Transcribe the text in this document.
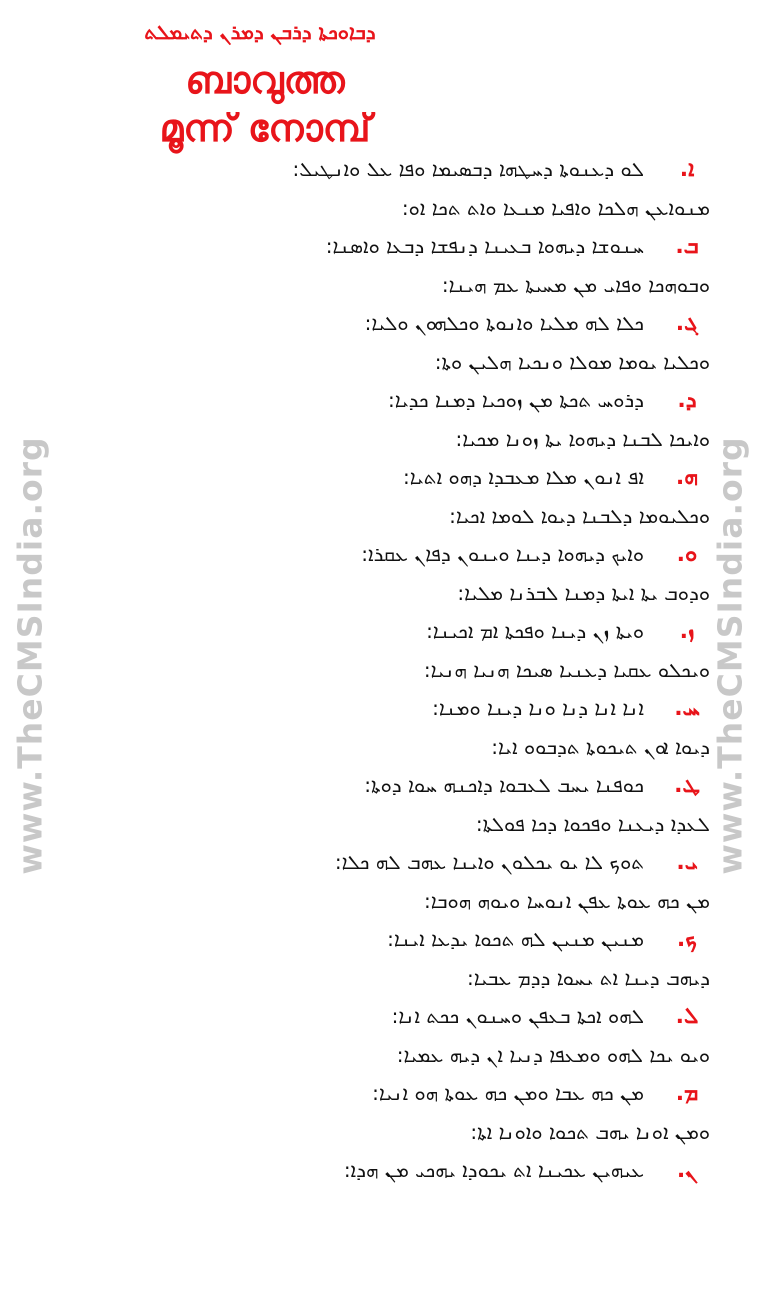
www.TheCMSIndia.org	www.TheCMSIndia.org
ܕܒܐܘܟܬܐ ܕܪܒܢ ܕܡܪܢ ܕܬܝܡܠܬ
ബാവുത്ത
മൂന്ന് നോമ്പ്
ܐ.ܠܘ ܕܥܢܘܬܐ ܕܚܛܗܐ ܕܒܣܝܡܐ ܘܦܐ ܥܠ ܘܐܢܛܝܠ:
ܡܢܘܐܥܢ ܗܠܟܐ ܘܐܦܝܐ ܡܢܥܐ ܘܐܬ ܬܟܐ ܐܘ:
ܒ.ܚܢܘܫܐ ܕܝܗܘܐ ܒܥܝܢܐ ܕܢܦܫܐ ܕܒܥܐ ܘܐܣܢܐ:
ܘܒܘܗܟܐ ܘܦܐܝ ܡܢ ܡܚܝܬܐ ܥܡ ܗܝܢܐ:
ܓ.ܟܠܐ ܠܗ ܡܠܝܐ ܘܐܢܘܬܐ ܘܟܠܗܘܢ ܘܠܝܐ:
ܘܟܠܝܐ ܝܘܡܐ ܡܘܠܐ ܘܢܟܝܐ ܗܠܝܢ ܘܬܐ:
ܕ.ܕܪܘܚ ܬܟܬܐ ܡܢ ܙܘܟܝܐ ܕܡܢܐ ܟܕܝܐ:
ܘܐܝܟܐ ܠܒܢܐ ܕܝܗܘܐ ܝܬܐ ܙܘܢܐ ܡܟܝܐ:
ܗ.ܐܦ ܐܢܘܢ ܡܠܐ ܡܥܒܕܐ ܕܗܘ ܐܬܝܐ:
ܘܟܠܝܘܡܐ ܕܠܒܢܐ ܕܝܘܐ ܠܘܡܐ ܐܟܝܐ:
ܘ.ܘܐܝܟ ܕܝܗܘܐ ܕܝܢܐ ܘܝܢܘܢ ܕܦܐܢ ܥܩܪܐ:
ܘܕܘܒ ܝܬܐ ܐܝܬܐ ܕܡܢܐ ܠܒܪܢܐ ܡܠܝܐ:
ܙ.ܘܝܬܐ ܙܢ ܕܝܢܐ ܘܦܟܬܐ ܐܡ ܐܟܝܢܐ:
ܘܝܟܠܘ ܥܩܝܐ ܕܥܢܝܐ ܣܝܟܐ ܗܢܝܐ ܗܢܝܐ:
ܚ.ܐܢܐ ܐܢܐ ܕܢܐ ܘܢܐ ܕܝܢܐ ܘܡܢܐ:
ܕܝܘܐ ܐܘܢ ܬܝܟܘܬܐ ܬܕܒܘܘ ܐܝܐ:
ܛ.ܟܘܦܢܐ ܝܚܒ ܠܥܒܘܐ ܕܐܟܢܗ ܚܘܐ ܕܘܬܐ:
ܠܥܕܐ ܕܝܥܢܐ ܘܦܟܘܐ ܕܟܐ ܦܘܠܬܐ:
ܝ.ܬܘܟ ܠܐ ܝܘ ܝܟܠܘܢ ܘܐܝܢܐ ܥܗܒ ܠܗ ܟܠܐ:
ܡܢ ܟܗ ܥܘܬܐ ܥܦܢ ܐܢܘܚܐ ܘܝܘܗ ܗܘܒܐ:
ܟ.ܡܢܝܢ ܡܢܝܢ ܠܗ ܬܟܘܐ ܝܕܥܐ ܐܝܢܐ:
ܕܝܗܒ ܕܝܢܐ ܐܬ ܝܚܘܐ ܕܕܡ ܥܒܝܐ:
ܠ.ܠܗܘ ܐܟܬܐ ܒܥܦܢ ܘܚܢܘܢ ܟܟܬ ܐܢܐ:
ܘܝܘ ܝܟܐ ܠܗܘ ܘܡܥܦܐ ܕܢܝܐ ܐܢ ܕܝܗ ܥܡܝܐ:
ܡ.ܡܢ ܟܗ ܥܒܐ ܘܡܢ ܟܗ ܥܘܬܐ ܗܘ ܐܢܝܐ:
ܘܡܢ ܐܘܢܐ ܝܗܒ ܬܟܘܐ ܘܐܘܢܐ ܐܬܐ:
ܢ.ܥܝܗܝܢ ܥܟܝܢܐ ܐܬ ܝܟܘܕܐ ܝܗܟܝ ܡܢ ܗܕܐ:
